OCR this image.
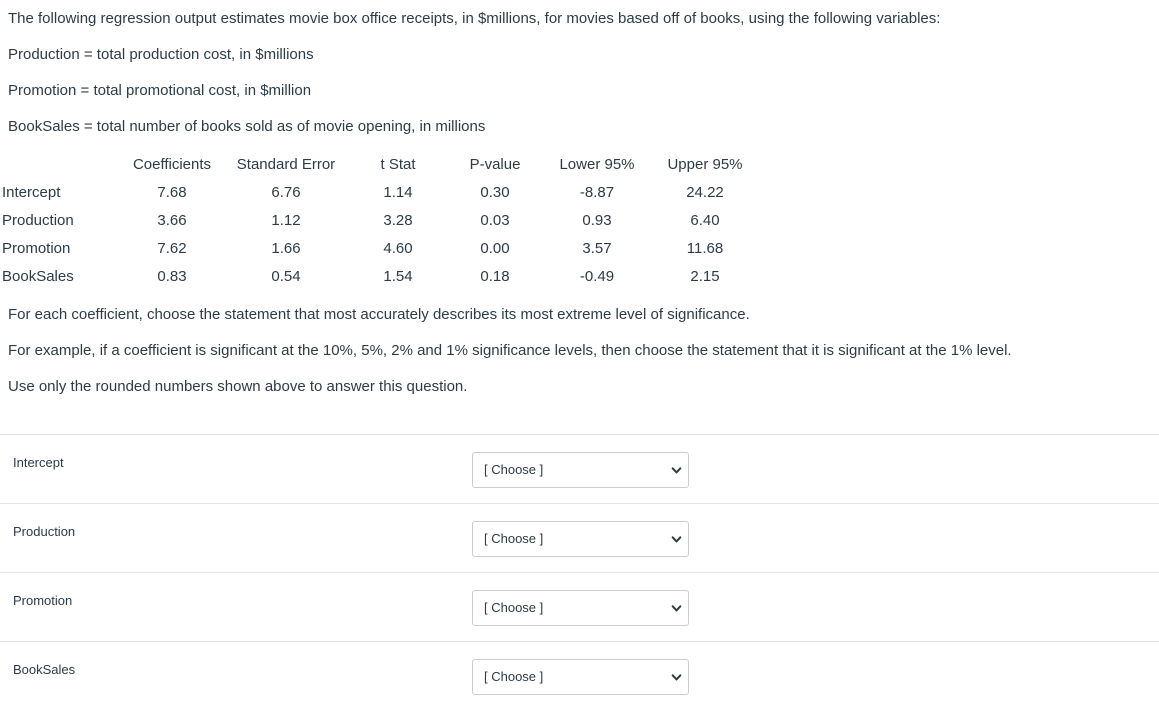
The following regression output estimates movie box office receipts, in $millions, for movies based off of books, using the following variables:
Production = total production cost, in $millions
Promotion = total promotional cost, in $million
BookSales = total number of books sold as of movie opening, in millions
	Coefficients	Standard Error	t Stat	P-value	Lower 95%	Upper 95%
Intercept	7.68	6.76	1.14	0.30	-8.87	24.22
Production	3.66	1.12	3.28	0.03	0.93	6.40
Promotion	7.62	1.66	4.60	0.00	3.57	11.68
BookSales	0.83	0.54	1.54	0.18	-0.49	2.15
For each coefficient, choose the statement that most accurately describes its most extreme level of significance.
For example, if a coefficient is significant at the 10%, 5%, 2% and 1% significance levels, then choose the statement that it is significant at the 1% level.
Use only the rounded numbers shown above to answer this question.
Intercept	[ Choose ]
Production	[ Choose ]
Promotion	[ Choose ]
BookSales	[ Choose ]
